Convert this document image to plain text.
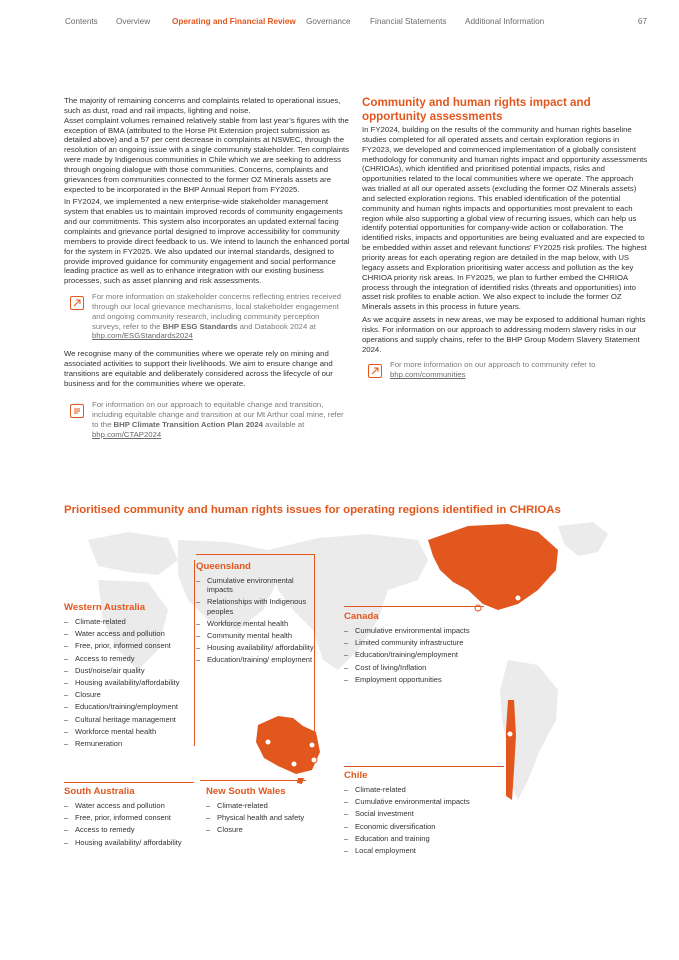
Contents Overview	Operating and Financial Review Governance Financial Statements Additional Information	67

The majority of remaining concerns and complaints related to operational issues, such as dust, road and rail impacts, lighting and noise.

Asset complaint volumes remained relatively stable from last year’s figures with the exception of BMA (attributed to the Horse Pit Extension project submission as detailed above) and a 57 per cent decrease in complaints at NSWEC, through the resolution of an ongoing issue with a single community stakeholder. Ten complaints were made by Indigenous communities in Chile which we are seeking to address through ongoing dialogue with those communities. Concerns, complaints and grievances from communities connected to the former OZ Minerals assets are expected to be incorporated in the BHP Annual Report from FY2025.

In FY2024, we implemented a new enterprise-wide stakeholder management system that enables us to maintain improved records of community engagements and our commitments. This system also incorporates an updated external facing complaints and grievance portal designed to improve accessibility for community members to provide direct feedback to us. We intend to launch the enhanced portal for the system in FY2025. We also updated our internal standards, designed to provide improved guidance for community engagement and social performance leading practice as well as to enhance integration with our existing business processes, such as asset planning and risk assessments.

For more information on stakeholder concerns reflecting entries received through our local grievance mechanisms, local stakeholder engagement and ongoing community research, including community perception surveys, refer to the BHP ESG Standards and Databook 2024 at bhp.com/ESGStandards2024

We recognise many of the communities where we operate rely on mining and associated activities to support their livelihoods. We aim to ensure change and transitions are equitable and deliberately considered across the lifecycle of our business and for the communities where we operate.

For information on our approach to equitable change and transition, including equitable change and transition at our Mt Arthur coal mine, refer to the BHP Climate Transition Action Plan 2024 available at bhp.com/CTAP2024
Community and human rights impact and opportunity assessments

In FY2024, building on the results of the community and human rights baseline studies completed for all operated assets and certain exploration regions in FY2023, we developed and commenced implementation of a globally consistent methodology for community and human rights impact and opportunity assessments (CHRIOAs), which identified and prioritised potential impacts, risks and opportunities related to the local communities where we operate. The approach was trialled at all our operated assets (excluding the former OZ Minerals assets) and selected exploration regions. This enabled identification of the potential community and human rights impacts and opportunities most prevalent to each region while also supporting a global view of recurring issues, which can help us identify potential opportunities for company-wide action or collaboration. The identified risks, impacts and opportunities are being evaluated and are expected to be embedded within asset and relevant functions’ FY2025 risk profiles. The highest priority areas for each operating region are detailed in the map below, with US legacy assets and Exploration prioritising water access and pollution as the key CHRIOA priority risk areas. In FY2025, we plan to further embed the CHRIOA process through the integration of identified risks (threats and opportunities) into asset risk profiles to enable action. We also expect to include the former OZ Minerals assets in this process in future years.

As we acquire assets in new areas, we may be exposed to additional human rights risks. For information on our approach to addressing modern slavery risks in our operations and supply chains, refer to the BHP Group Modern Slavery Statement 2024.

For more information on our approach to community refer to bhp.com/communities
Prioritised community and human rights issues for operating regions identified in CHRIOAs
Western Australia
– Climate-related
– Water access and pollution
– Free, prior, informed consent
– Access to remedy
– Dust/noise/air quality
– Housing availability/affordability
– Closure
– Education/training/employment
– Cultural heritage management
– Workforce mental health
– Remuneration
Queensland
– Cumulative environmental impacts
– Relationships with Indigenous peoples
– Workforce mental health
– Community mental health
– Housing availability/ affordability
– Education/training/ employment
Canada
– Cumulative environmental impacts
– Limited community infrastructure
– Education/training/employment
– Cost of living/Inflation
– Employment opportunities
South Australia
– Water access and pollution
– Free, prior, informed consent
– Access to remedy
– Housing availability/ affordability
New South Wales
– Climate-related
– Physical health and safety
– Closure
Chile
– Climate-related
– Cumulative environmental impacts
– Social investment
– Economic diversification
– Education and training
– Local employment
